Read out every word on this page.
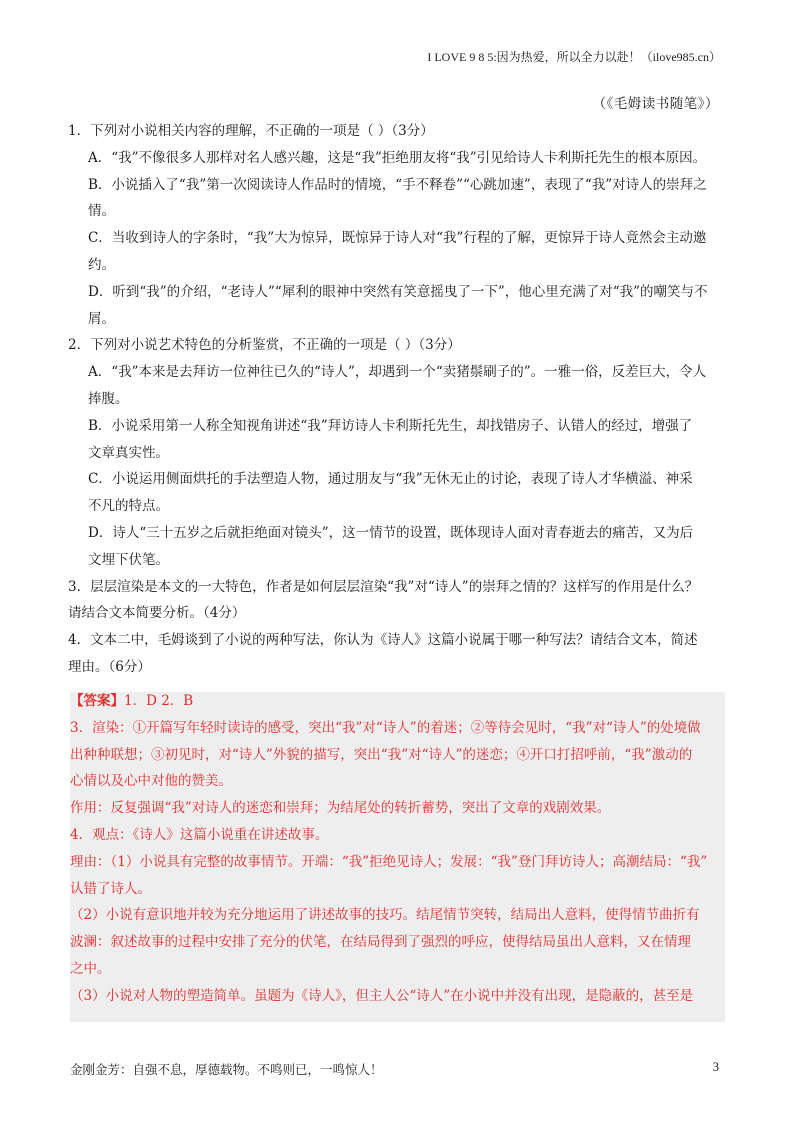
I LOVE 9 8 5:因为热爱，所以全力以赴！（ilove985.cn）
（《毛姆读书随笔》）

1．下列对小说相关内容的理解，不正确的一项是（ ）（3分）

A．“我”不像很多人那样对名人感兴趣，这是“我”拒绝朋友将“我”引见给诗人卡利斯托先生的根本原因。

B．小说插入了“我”第一次阅读诗人作品时的情境，“手不释卷”“心跳加速”，表现了“我”对诗人的崇拜之

情。

C．当收到诗人的字条时，“我”大为惊异，既惊异于诗人对“我”行程的了解，更惊异于诗人竟然会主动邀

约。

D．听到“我”的介绍，“老诗人”“犀利的眼神中突然有笑意摇曳了一下”，他心里充满了对“我”的嘲笑与不

屑。

2．下列对小说艺术特色的分析鉴赏，不正确的一项是（ ）（3分）

A．“我”本来是去拜访一位神往已久的“诗人”，却遇到一个“卖猪鬃刷子的”。一雅一俗，反差巨大，令人

捧腹。

B．小说采用第一人称全知视角讲述“我”拜访诗人卡利斯托先生，却找错房子、认错人的经过，增强了

文章真实性。

C．小说运用侧面烘托的手法塑造人物，通过朋友与“我”无休无止的讨论，表现了诗人才华横溢、神采

不凡的特点。

D．诗人“三十五岁之后就拒绝面对镜头”，这一情节的设置，既体现诗人面对青春逝去的痛苦，又为后

文埋下伏笔。

3．层层渲染是本文的一大特色，作者是如何层层渲染“我”对“诗人”的崇拜之情的？这样写的作用是什么？

请结合文本简要分析。（4分）

4．文本二中，毛姆谈到了小说的两种写法，你认为《诗人》这篇小说属于哪一种写法？请结合文本，简述

理由。（6分）

【答案】1．D 2．B

3．渲染：①开篇写年轻时读诗的感受，突出“我”对“诗人”的着迷；②等待会见时，“我”对“诗人”的处境做

出种种联想；③初见时，对“诗人”外貌的描写，突出“我”对“诗人”的迷恋；④开口打招呼前，“我”激动的

心情以及心中对他的赞美。

作用：反复强调“我”对诗人的迷恋和崇拜；为结尾处的转折蓄势，突出了文章的戏剧效果。

4．观点：《诗人》这篇小说重在讲述故事。

理由：（1）小说具有完整的故事情节。开端：“我”拒绝见诗人；发展：“我”登门拜访诗人；高潮结局：“我”

认错了诗人。

（2）小说有意识地并较为充分地运用了讲述故事的技巧。结尾情节突转，结局出人意料，使得情节曲折有

波澜：叙述故事的过程中安排了充分的伏笔，在结局得到了强烈的呼应，使得结局虽出人意料，又在情理

之中。

（3）小说对人物的塑造简单。虽题为《诗人》，但主人公“诗人”在小说中并没有出现，是隐蔽的，甚至是

金刚金芳：自强不息，厚德载物。不鸣则已，一鸣惊人！	3
